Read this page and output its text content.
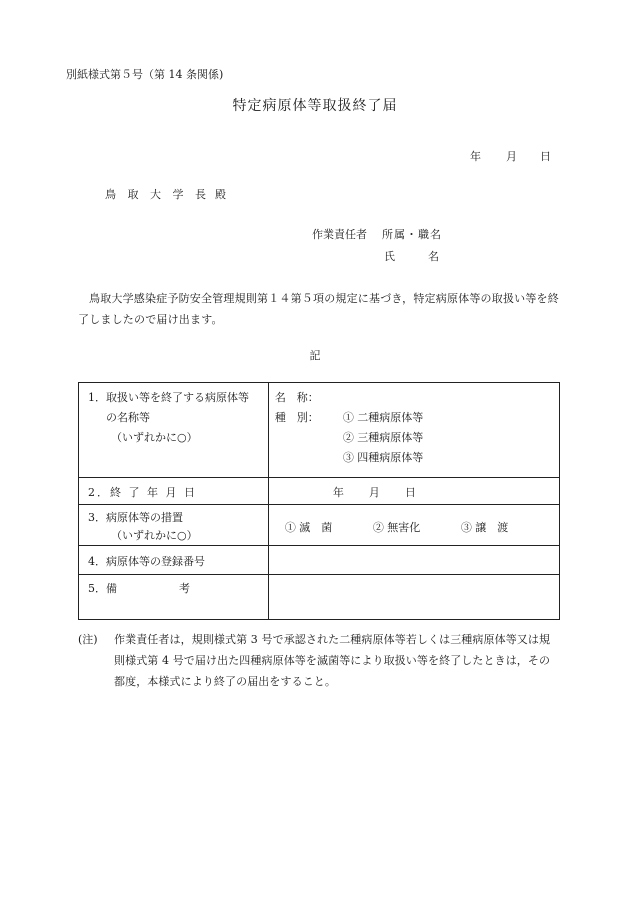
別紙様式第５号（第 14 条関係)
特定病原体等取扱終了届
年 月 日
鳥 取 大 学 長 殿
作業責任者 所属・職名
氏	名
鳥取大学感染症予防安全管理規則第１４第５項の規定に基づき，特定病原体等の取扱い等を終了しましたので届け出ます。
記
1．取扱い等を終了する病原体等
の名称等
（いずれかに○）	名　称：
種　別： ① 二種病原体等
② 三種病原体等
③ 四種病原体等

2．終 了 年 月 日	年 月 日

3．病原体等の措置
（いずれかに○）	① 滅　菌 ② 無害化 ③ 譲　渡

4．病原体等の登録番号	

5．備 考	

(注) 作業責任者は，規則様式第 3 号で承認された二種病原体等若しくは三種病原体等又は規則様式第 4 号で届け出た四種病原体等を滅菌等により取扱い等を終了したときは，その都度，本様式により終了の届出をすること。
